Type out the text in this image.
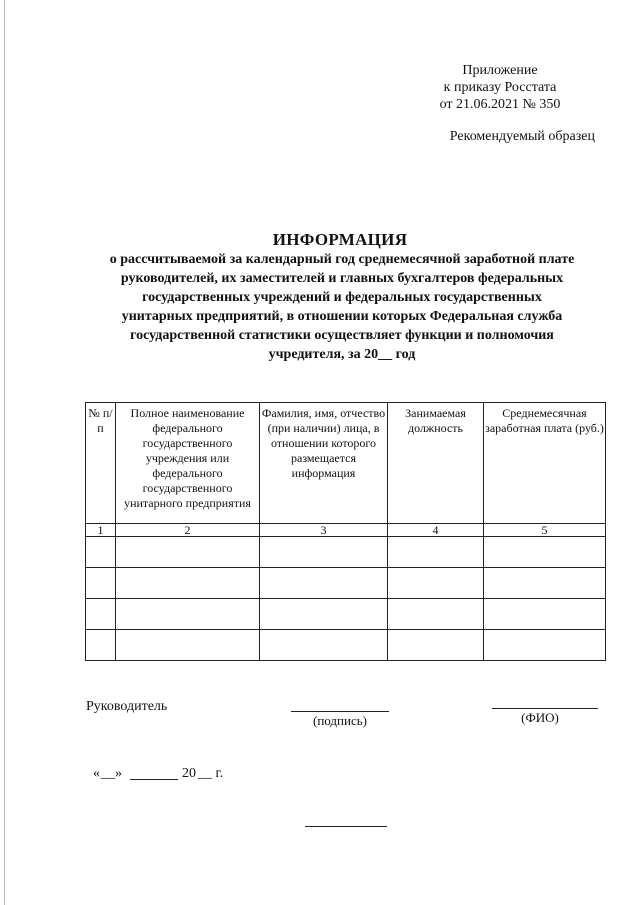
Приложение
к приказу Росстата
от 21.06.2021 № 350
Рекомендуемый образец
ИНФОРМАЦИЯ
о рассчитываемой за календарный год среднемесячной заработной плате
руководителей, их заместителей и главных бухгалтеров федеральных
государственных учреждений и федеральных государственных
унитарных предприятий, в отношении которых Федеральная служба
государственной статистики осуществляет функции и полномочия
учредителя, за 20__ год
№ п/п	Полное наименование федерального государственного учреждения или федерального государственного унитарного предприятия	Фамилия, имя, отчество (при наличии) лица, в отношении которого размещается информация	Занимаемая должность	Среднемесячная заработная плата (руб.)
1	2	3	4	5

Руководитель
(подпись)	(ФИО)
« __ »	20 __ г.
